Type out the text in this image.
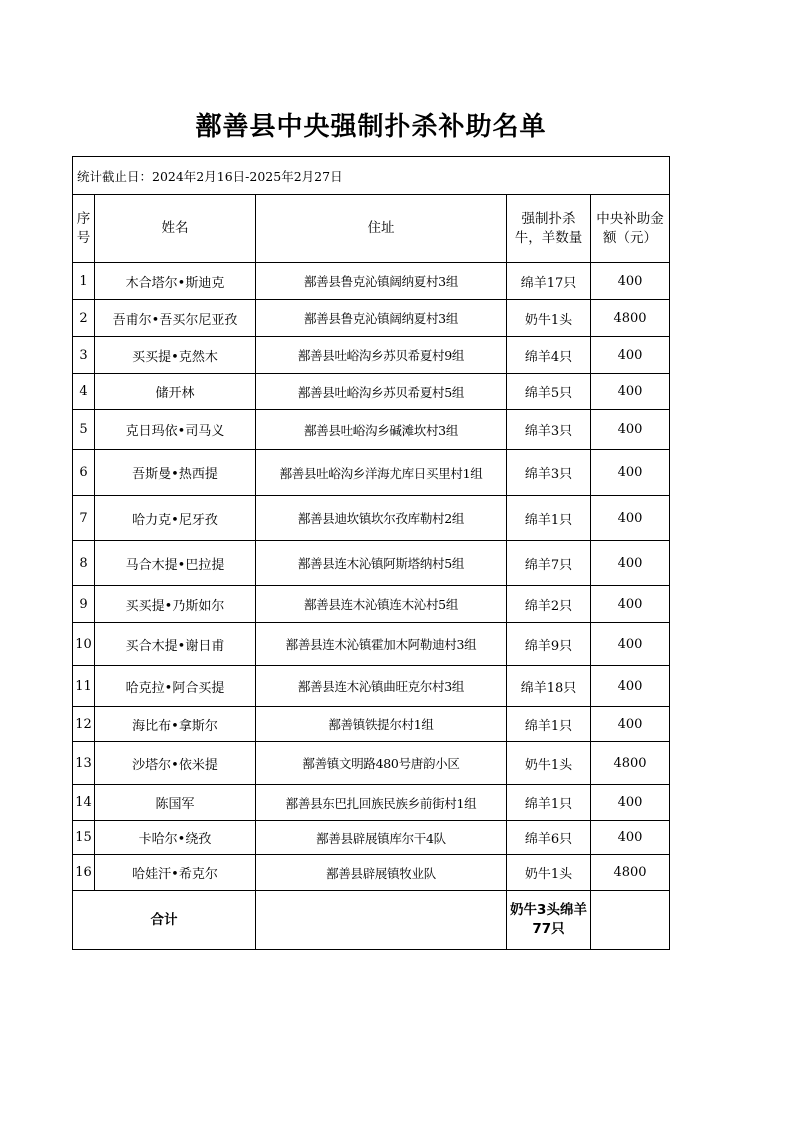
鄯善县中央强制扑杀补助名单
统计截止日：2024年2月16日-2025年2月27日				
序号	姓名	住址	强制扑杀牛，羊数量	中央补助金额（元）
1	木合塔尔•斯迪克	鄯善县鲁克沁镇阔纳夏村3组	绵羊17只	400
2	吾甫尔•吾买尔尼亚孜	鄯善县鲁克沁镇阔纳夏村3组	奶牛1头	4800
3	买买提•克然木	鄯善县吐峪沟乡苏贝希夏村9组	绵羊4只	400
4	储开林	鄯善县吐峪沟乡苏贝希夏村5组	绵羊5只	400
5	克日玛依•司马义	鄯善县吐峪沟乡碱滩坎村3组	绵羊3只	400
6	吾斯曼•热西提	鄯善县吐峪沟乡洋海尤库日买里村1组	绵羊3只	400
7	哈力克•尼牙孜	鄯善县迪坎镇坎尔孜库勒村2组	绵羊1只	400
8	马合木提•巴拉提	鄯善县连木沁镇阿斯塔纳村5组	绵羊7只	400
9	买买提•乃斯如尔	鄯善县连木沁镇连木沁村5组	绵羊2只	400
10	买合木提•谢日甫	鄯善县连木沁镇霍加木阿勒迪村3组	绵羊9只	400
11	哈克拉•阿合买提	鄯善县连木沁镇曲旺克尔村3组	绵羊18只	400
12	海比布•拿斯尔	鄯善镇铁提尔村1组	绵羊1只	400
13	沙塔尔•依米提	鄯善镇文明路480号唐韵小区	奶牛1头	4800
14	陈国军	鄯善县东巴扎回族民族乡前街村1组	绵羊1只	400
15	卡哈尔•绕孜	鄯善县辟展镇库尔干4队	绵羊6只	400
16	哈娃汗•希克尔	鄯善县辟展镇牧业队	奶牛1头	4800
合计			奶牛3头绵羊77只	
